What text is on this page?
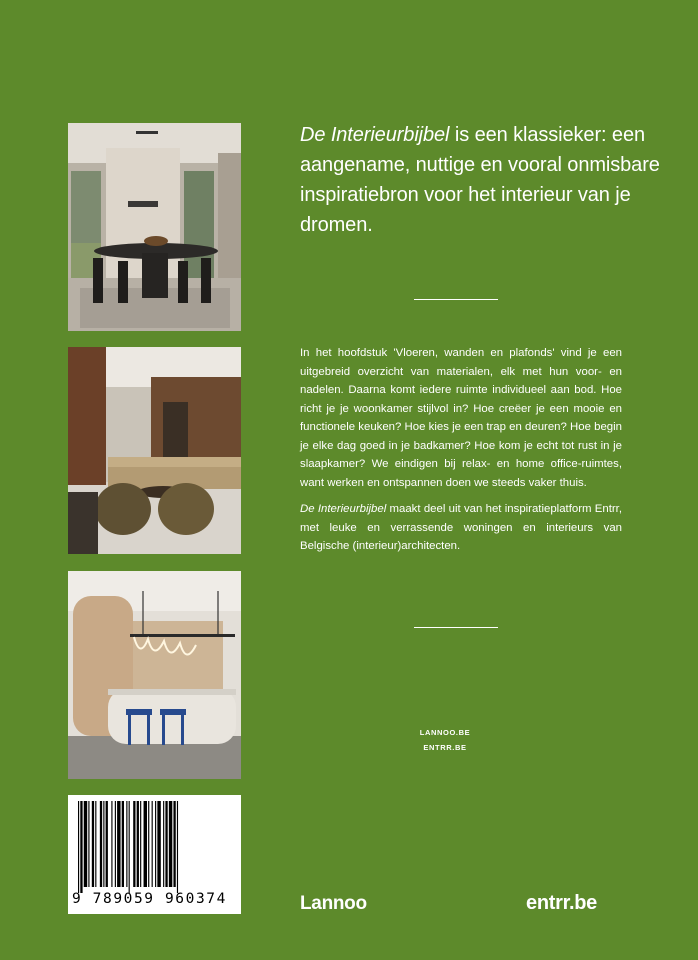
De Interieurbijbel is een klassieker: een aangename, nuttige en vooral onmisbare inspiratiebron voor het interieur van je dromen.
In het hoofdstuk 'Vloeren, wanden en plafonds' vind je een uitgebreid overzicht van materialen, elk met hun voor- en nadelen. Daarna komt iedere ruimte individueel aan bod. Hoe richt je je woonkamer stijlvol in? Hoe creëer je een mooie en functionele keuken? Hoe kies je een trap en deuren? Hoe begin je elke dag goed in je badkamer? Hoe kom je echt tot rust in je slaapkamer? We eindigen bij relax- en home office-ruimtes, want werken en ontspannen doen we steeds vaker thuis.
De Interieurbijbel maakt deel uit van het inspiratieplatform Entrr, met leuke en verrassende woningen en interieurs van Belgische (interieur)architecten.
LANNOO.BE
ENTRR.BE
9 789059 960374	Lannoo	entrr.be
